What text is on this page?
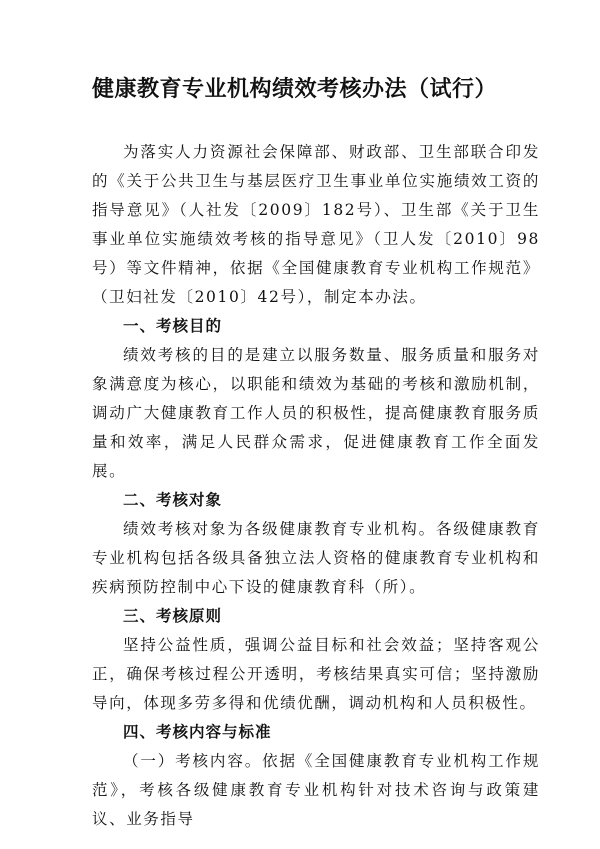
健康教育专业机构绩效考核办法（试行）

为落实人力资源社会保障部、财政部、卫生部联合印发的《关于公共卫生与基层医疗卫生事业单位实施绩效工资的指导意见》（人社发〔2009〕182号）、卫生部《关于卫生事业单位实施绩效考核的指导意见》（卫人发〔2010〕98号）等文件精神，依据《全国健康教育专业机构工作规范》（卫妇社发〔2010〕42号），制定本办法。

一、考核目的

绩效考核的目的是建立以服务数量、服务质量和服务对象满意度为核心，以职能和绩效为基础的考核和激励机制，调动广大健康教育工作人员的积极性，提高健康教育服务质量和效率，满足人民群众需求，促进健康教育工作全面发展。

二、考核对象

绩效考核对象为各级健康教育专业机构。各级健康教育专业机构包括各级具备独立法人资格的健康教育专业机构和疾病预防控制中心下设的健康教育科（所）。

三、考核原则

坚持公益性质，强调公益目标和社会效益；坚持客观公正，确保考核过程公开透明，考核结果真实可信；坚持激励导向，体现多劳多得和优绩优酬，调动机构和人员积极性。

四、考核内容与标准

（一）考核内容。依据《全国健康教育专业机构工作规范》，考核各级健康教育专业机构针对技术咨询与政策建议、业务指导
